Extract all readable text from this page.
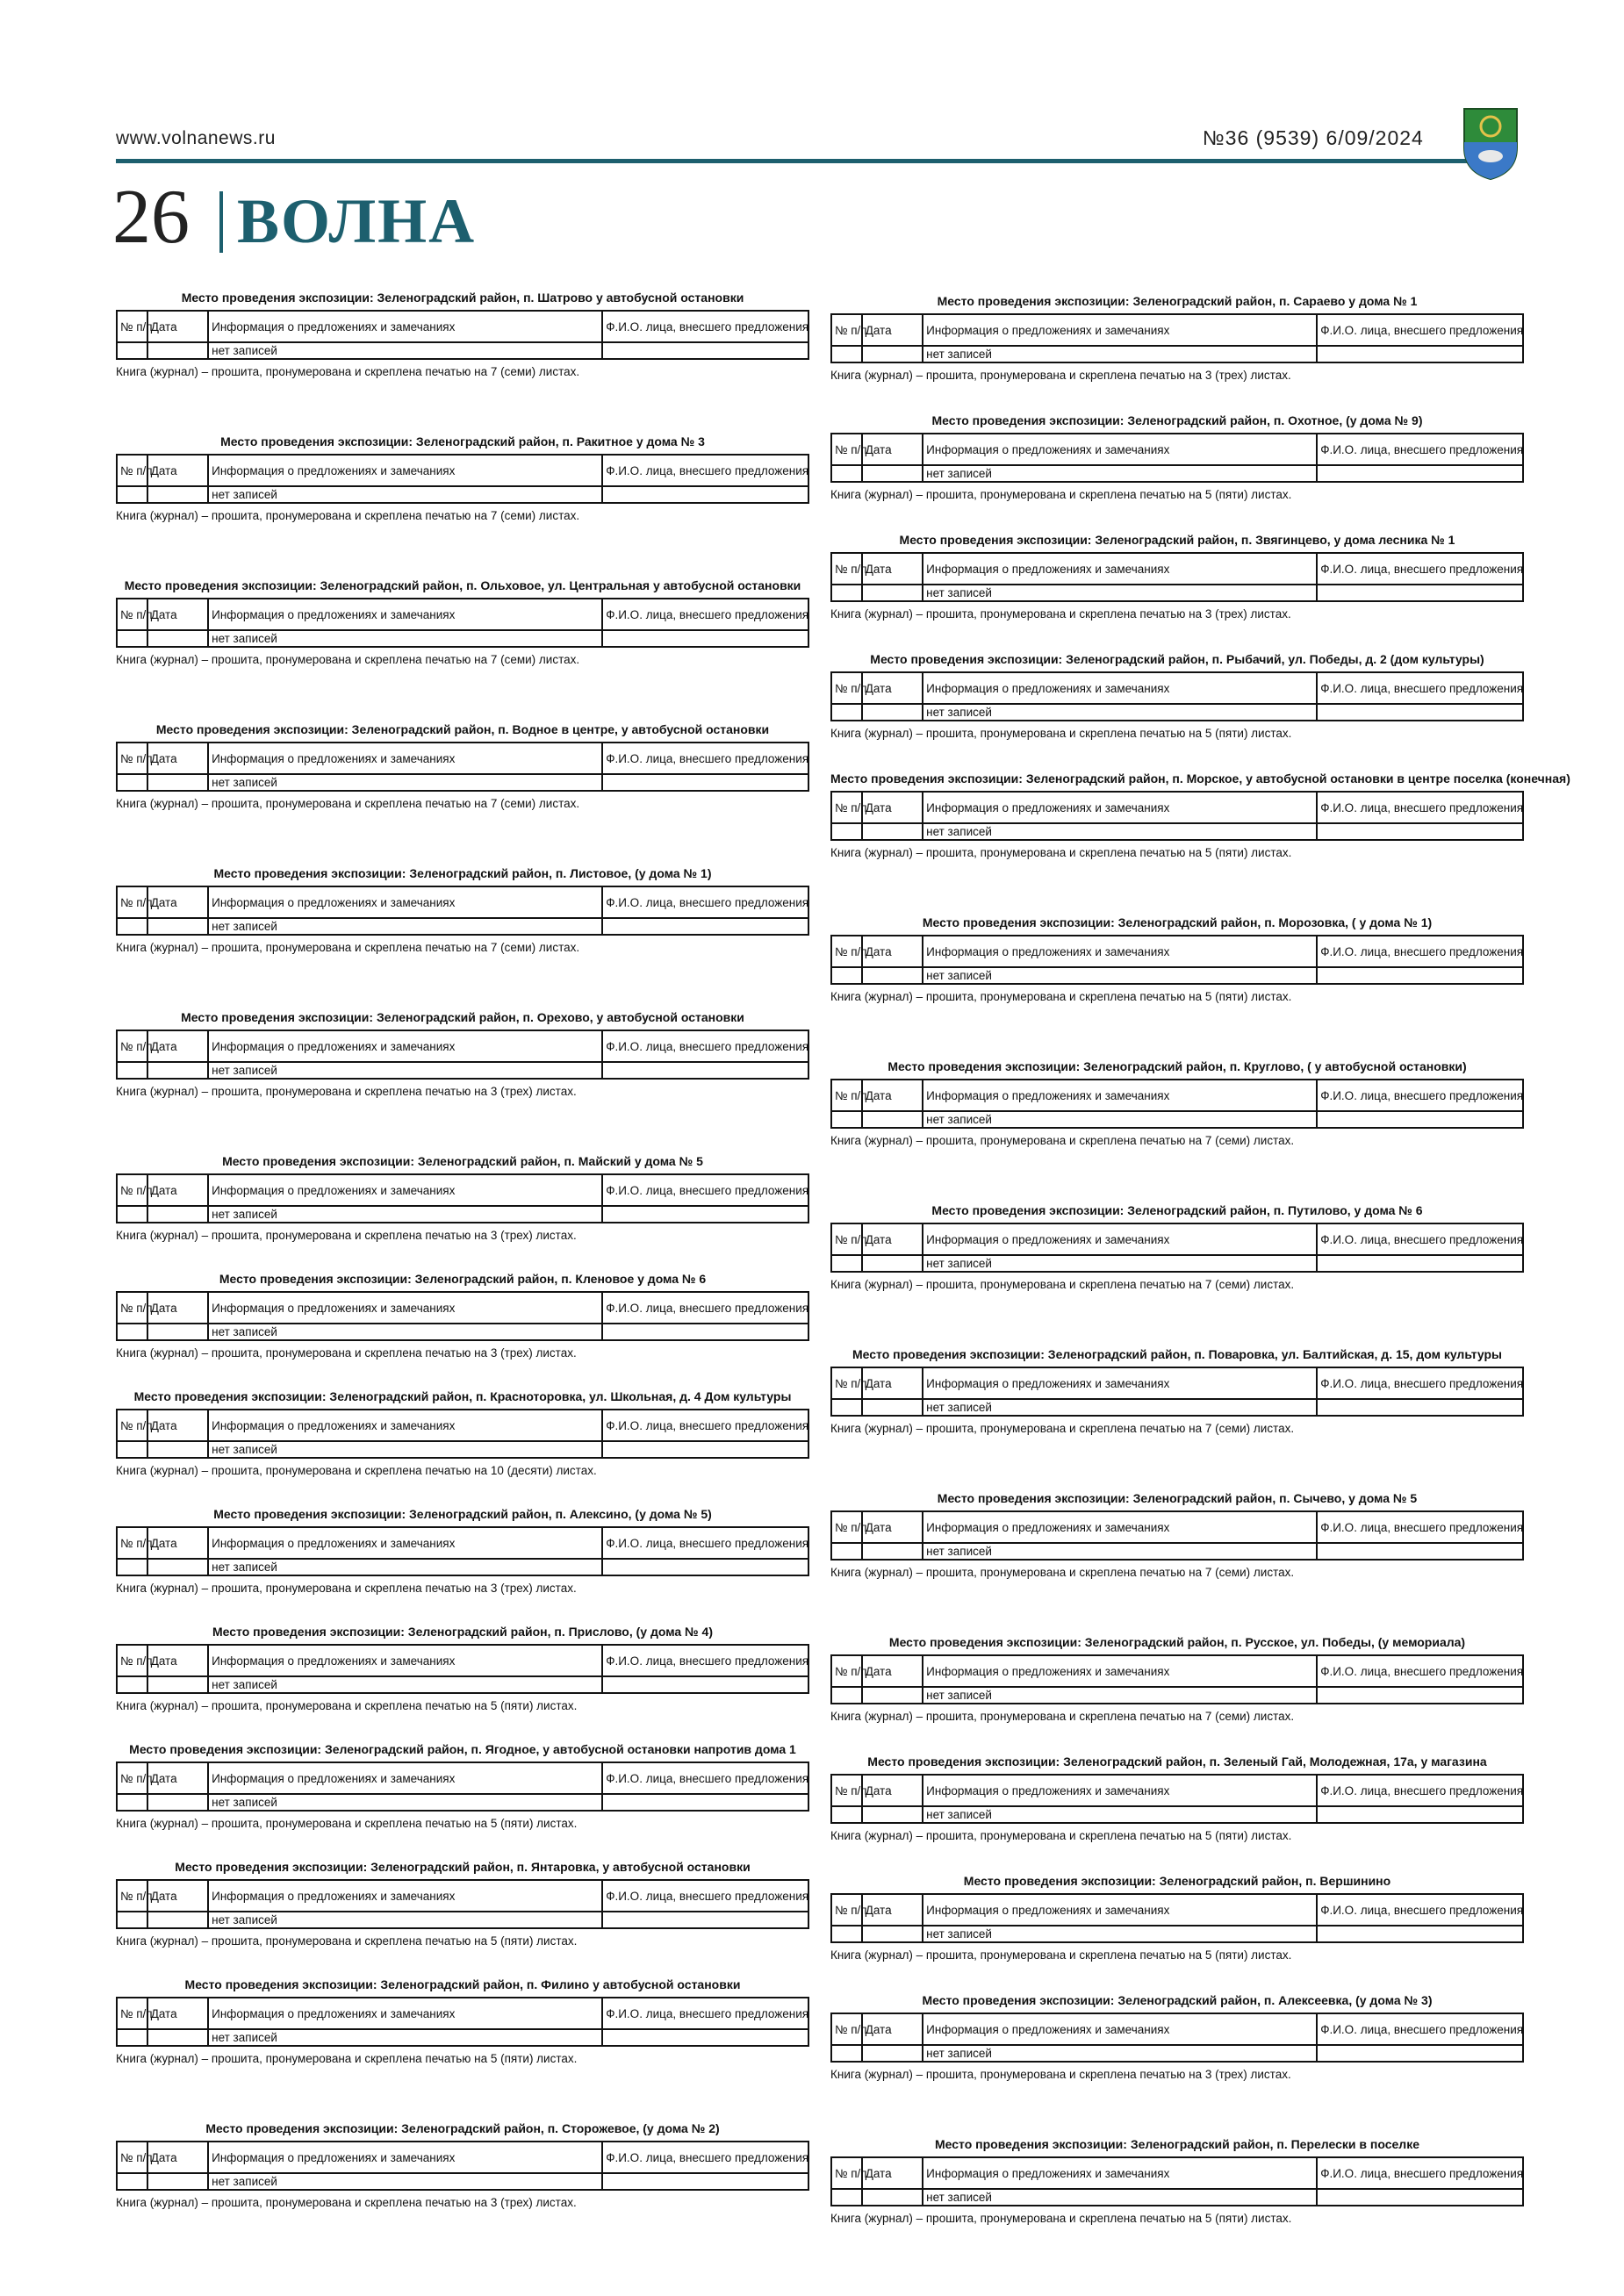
www.volnanews.ru	№36 (9539) 6/09/2024
26 ВОЛНА
Место проведения экспозиции: Зеленоградский район, п. Шатрово у автобусной остановки
№ п/п	Дата	Информация о предложениях и замечаниях	Ф.И.О. лица, внесшего предложения
		нет записей	
Книга (журнал) – прошита, пронумерована и скреплена печатью на 7 (семи) листах.
Место проведения экспозиции: Зеленоградский район, п. Ракитное у дома № 3
№ п/п	Дата	Информация о предложениях и замечаниях	Ф.И.О. лица, внесшего предложения
		нет записей	
Книга (журнал) – прошита, пронумерована и скреплена печатью на 7 (семи) листах.
Место проведения экспозиции: Зеленоградский район, п. Ольховое, ул. Центральная у автобусной остановки
№ п/п	Дата	Информация о предложениях и замечаниях	Ф.И.О. лица, внесшего предложения
		нет записей	
Книга (журнал) – прошита, пронумерована и скреплена печатью на 7 (семи) листах.
Место проведения экспозиции: Зеленоградский район, п. Водное в центре, у автобусной остановки
№ п/п	Дата	Информация о предложениях и замечаниях	Ф.И.О. лица, внесшего предложения
		нет записей	
Книга (журнал) – прошита, пронумерована и скреплена печатью на 7 (семи) листах.
Место проведения экспозиции: Зеленоградский район, п. Листовое, (у дома № 1)
№ п/п	Дата	Информация о предложениях и замечаниях	Ф.И.О. лица, внесшего предложения
		нет записей	
Книга (журнал) – прошита, пронумерована и скреплена печатью на 7 (семи) листах.
Место проведения экспозиции: Зеленоградский район, п. Орехово, у автобусной остановки
№ п/п	Дата	Информация о предложениях и замечаниях	Ф.И.О. лица, внесшего предложения
		нет записей	
Книга (журнал) – прошита, пронумерована и скреплена печатью на 3 (трех) листах.
Место проведения экспозиции: Зеленоградский район, п. Майский у дома № 5
№ п/п	Дата	Информация о предложениях и замечаниях	Ф.И.О. лица, внесшего предложения
		нет записей	
Книга (журнал) – прошита, пронумерована и скреплена печатью на 3 (трех) листах.
Место проведения экспозиции: Зеленоградский район, п. Кленовое у дома № 6
№ п/п	Дата	Информация о предложениях и замечаниях	Ф.И.О. лица, внесшего предложения
		нет записей	
Книга (журнал) – прошита, пронумерована и скреплена печатью на 3 (трех) листах.
Место проведения экспозиции: Зеленоградский район, п. Красноторовка, ул. Школьная, д. 4 Дом культуры
№ п/п	Дата	Информация о предложениях и замечаниях	Ф.И.О. лица, внесшего предложения
		нет записей	
Книга (журнал) – прошита, пронумерована и скреплена печатью на 10 (десяти) листах.
Место проведения экспозиции: Зеленоградский район, п. Алексино, (у дома № 5)
№ п/п	Дата	Информация о предложениях и замечаниях	Ф.И.О. лица, внесшего предложения
		нет записей	
Книга (журнал) – прошита, пронумерована и скреплена печатью на 3 (трех) листах.
Место проведения экспозиции: Зеленоградский район, п. Прислово, (у дома № 4)
№ п/п	Дата	Информация о предложениях и замечаниях	Ф.И.О. лица, внесшего предложения
		нет записей	
Книга (журнал) – прошита, пронумерована и скреплена печатью на 5 (пяти) листах.
Место проведения экспозиции: Зеленоградский район, п. Ягодное, у автобусной остановки напротив дома 1
№ п/п	Дата	Информация о предложениях и замечаниях	Ф.И.О. лица, внесшего предложения
		нет записей	
Книга (журнал) – прошита, пронумерована и скреплена печатью на 5 (пяти) листах.
Место проведения экспозиции: Зеленоградский район, п. Янтаровка, у автобусной остановки
№ п/п	Дата	Информация о предложениях и замечаниях	Ф.И.О. лица, внесшего предложения
		нет записей	
Книга (журнал) – прошита, пронумерована и скреплена печатью на 5 (пяти) листах.
Место проведения экспозиции: Зеленоградский район, п. Филино у автобусной остановки
№ п/п	Дата	Информация о предложениях и замечаниях	Ф.И.О. лица, внесшего предложения
		нет записей	
Книга (журнал) – прошита, пронумерована и скреплена печатью на 5 (пяти) листах.
Место проведения экспозиции: Зеленоградский район, п. Сторожевое, (у дома № 2)
№ п/п	Дата	Информация о предложениях и замечаниях	Ф.И.О. лица, внесшего предложения
		нет записей	
Книга (журнал) – прошита, пронумерована и скреплена печатью на 3 (трех) листах.
Место проведения экспозиции: Зеленоградский район, п. Сараево у дома № 1
№ п/п	Дата	Информация о предложениях и замечаниях	Ф.И.О. лица, внесшего предложения
		нет записей	
Книга (журнал) – прошита, пронумерована и скреплена печатью на 3 (трех) листах.
Место проведения экспозиции: Зеленоградский район, п. Охотное, (у дома № 9)
№ п/п	Дата	Информация о предложениях и замечаниях	Ф.И.О. лица, внесшего предложения
		нет записей	
Книга (журнал) – прошита, пронумерована и скреплена печатью на 5 (пяти) листах.
Место проведения экспозиции: Зеленоградский район, п. Звягинцево, у дома лесника № 1
№ п/п	Дата	Информация о предложениях и замечаниях	Ф.И.О. лица, внесшего предложения
		нет записей	
Книга (журнал) – прошита, пронумерована и скреплена печатью на 3 (трех) листах.
Место проведения экспозиции: Зеленоградский район, п. Рыбачий, ул. Победы, д. 2 (дом культуры)
№ п/п	Дата	Информация о предложениях и замечаниях	Ф.И.О. лица, внесшего предложения
		нет записей	
Книга (журнал) – прошита, пронумерована и скреплена печатью на 5 (пяти) листах.
Место проведения экспозиции: Зеленоградский район, п. Морское, у автобусной остановки в центре поселка (конечная)
№ п/п	Дата	Информация о предложениях и замечаниях	Ф.И.О. лица, внесшего предложения
		нет записей	
Книга (журнал) – прошита, пронумерована и скреплена печатью на 5 (пяти) листах.
Место проведения экспозиции: Зеленоградский район, п. Морозовка, ( у дома № 1)
№ п/п	Дата	Информация о предложениях и замечаниях	Ф.И.О. лица, внесшего предложения
		нет записей	
Книга (журнал) – прошита, пронумерована и скреплена печатью на 5 (пяти) листах.
Место проведения экспозиции: Зеленоградский район, п. Круглово, ( у автобусной остановки)
№ п/п	Дата	Информация о предложениях и замечаниях	Ф.И.О. лица, внесшего предложения
		нет записей	
Книга (журнал) – прошита, пронумерована и скреплена печатью на 7 (семи) листах.
Место проведения экспозиции: Зеленоградский район, п. Путилово, у дома № 6
№ п/п	Дата	Информация о предложениях и замечаниях	Ф.И.О. лица, внесшего предложения
		нет записей	
Книга (журнал) – прошита, пронумерована и скреплена печатью на 7 (семи) листах.
Место проведения экспозиции: Зеленоградский район, п. Поваровка, ул. Балтийская, д. 15, дом культуры
№ п/п	Дата	Информация о предложениях и замечаниях	Ф.И.О. лица, внесшего предложения
		нет записей	
Книга (журнал) – прошита, пронумерована и скреплена печатью на 7 (семи) листах.
Место проведения экспозиции: Зеленоградский район, п. Сычево, у дома № 5
№ п/п	Дата	Информация о предложениях и замечаниях	Ф.И.О. лица, внесшего предложения
		нет записей	
Книга (журнал) – прошита, пронумерована и скреплена печатью на 7 (семи) листах.
Место проведения экспозиции: Зеленоградский район, п. Русское, ул. Победы, (у мемориала)
№ п/п	Дата	Информация о предложениях и замечаниях	Ф.И.О. лица, внесшего предложения
		нет записей	
Книга (журнал) – прошита, пронумерована и скреплена печатью на 7 (семи) листах.
Место проведения экспозиции: Зеленоградский район, п. Зеленый Гай, Молодежная, 17а, у магазина
№ п/п	Дата	Информация о предложениях и замечаниях	Ф.И.О. лица, внесшего предложения
		нет записей	
Книга (журнал) – прошита, пронумерована и скреплена печатью на 5 (пяти) листах.
Место проведения экспозиции: Зеленоградский район, п. Вершинино
№ п/п	Дата	Информация о предложениях и замечаниях	Ф.И.О. лица, внесшего предложения
		нет записей	
Книга (журнал) – прошита, пронумерована и скреплена печатью на 5 (пяти) листах.
Место проведения экспозиции: Зеленоградский район, п. Алексеевка, (у дома № 3)
№ п/п	Дата	Информация о предложениях и замечаниях	Ф.И.О. лица, внесшего предложения
		нет записей	
Книга (журнал) – прошита, пронумерована и скреплена печатью на 3 (трех) листах.
Место проведения экспозиции: Зеленоградский район, п. Перелески в поселке
№ п/п	Дата	Информация о предложениях и замечаниях	Ф.И.О. лица, внесшего предложения
		нет записей	
Книга (журнал) – прошита, пронумерована и скреплена печатью на 5 (пяти) листах.
